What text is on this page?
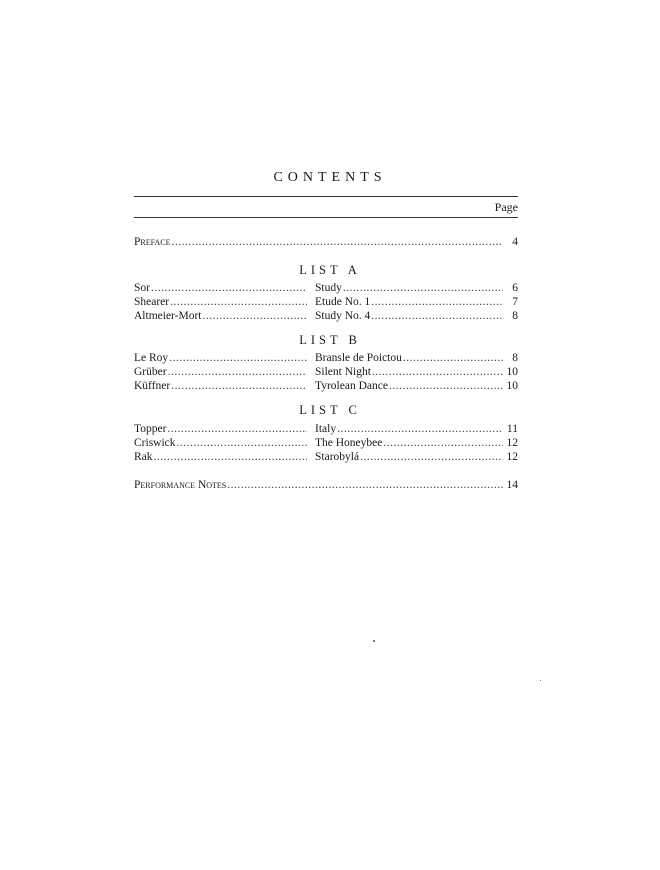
CONTENTS
Page
Preface .....	4
LIST A
Sor .....	Study .....	6
Shearer .....	Etude No. 1 .....	7
Altmeier-Mort .....	Study No. 4 .....	8
LIST B
Le Roy .....	Bransle de Poictou .....	8
Grüber .....	Silent Night .....	10
Küffner .....	Tyrolean Dance .....	10
LIST C
Topper .....	Italy .....	11
Criswick .....	The Honeybee .....	12
Rak .....	Starobylá .....	12
Performance Notes .....	14
